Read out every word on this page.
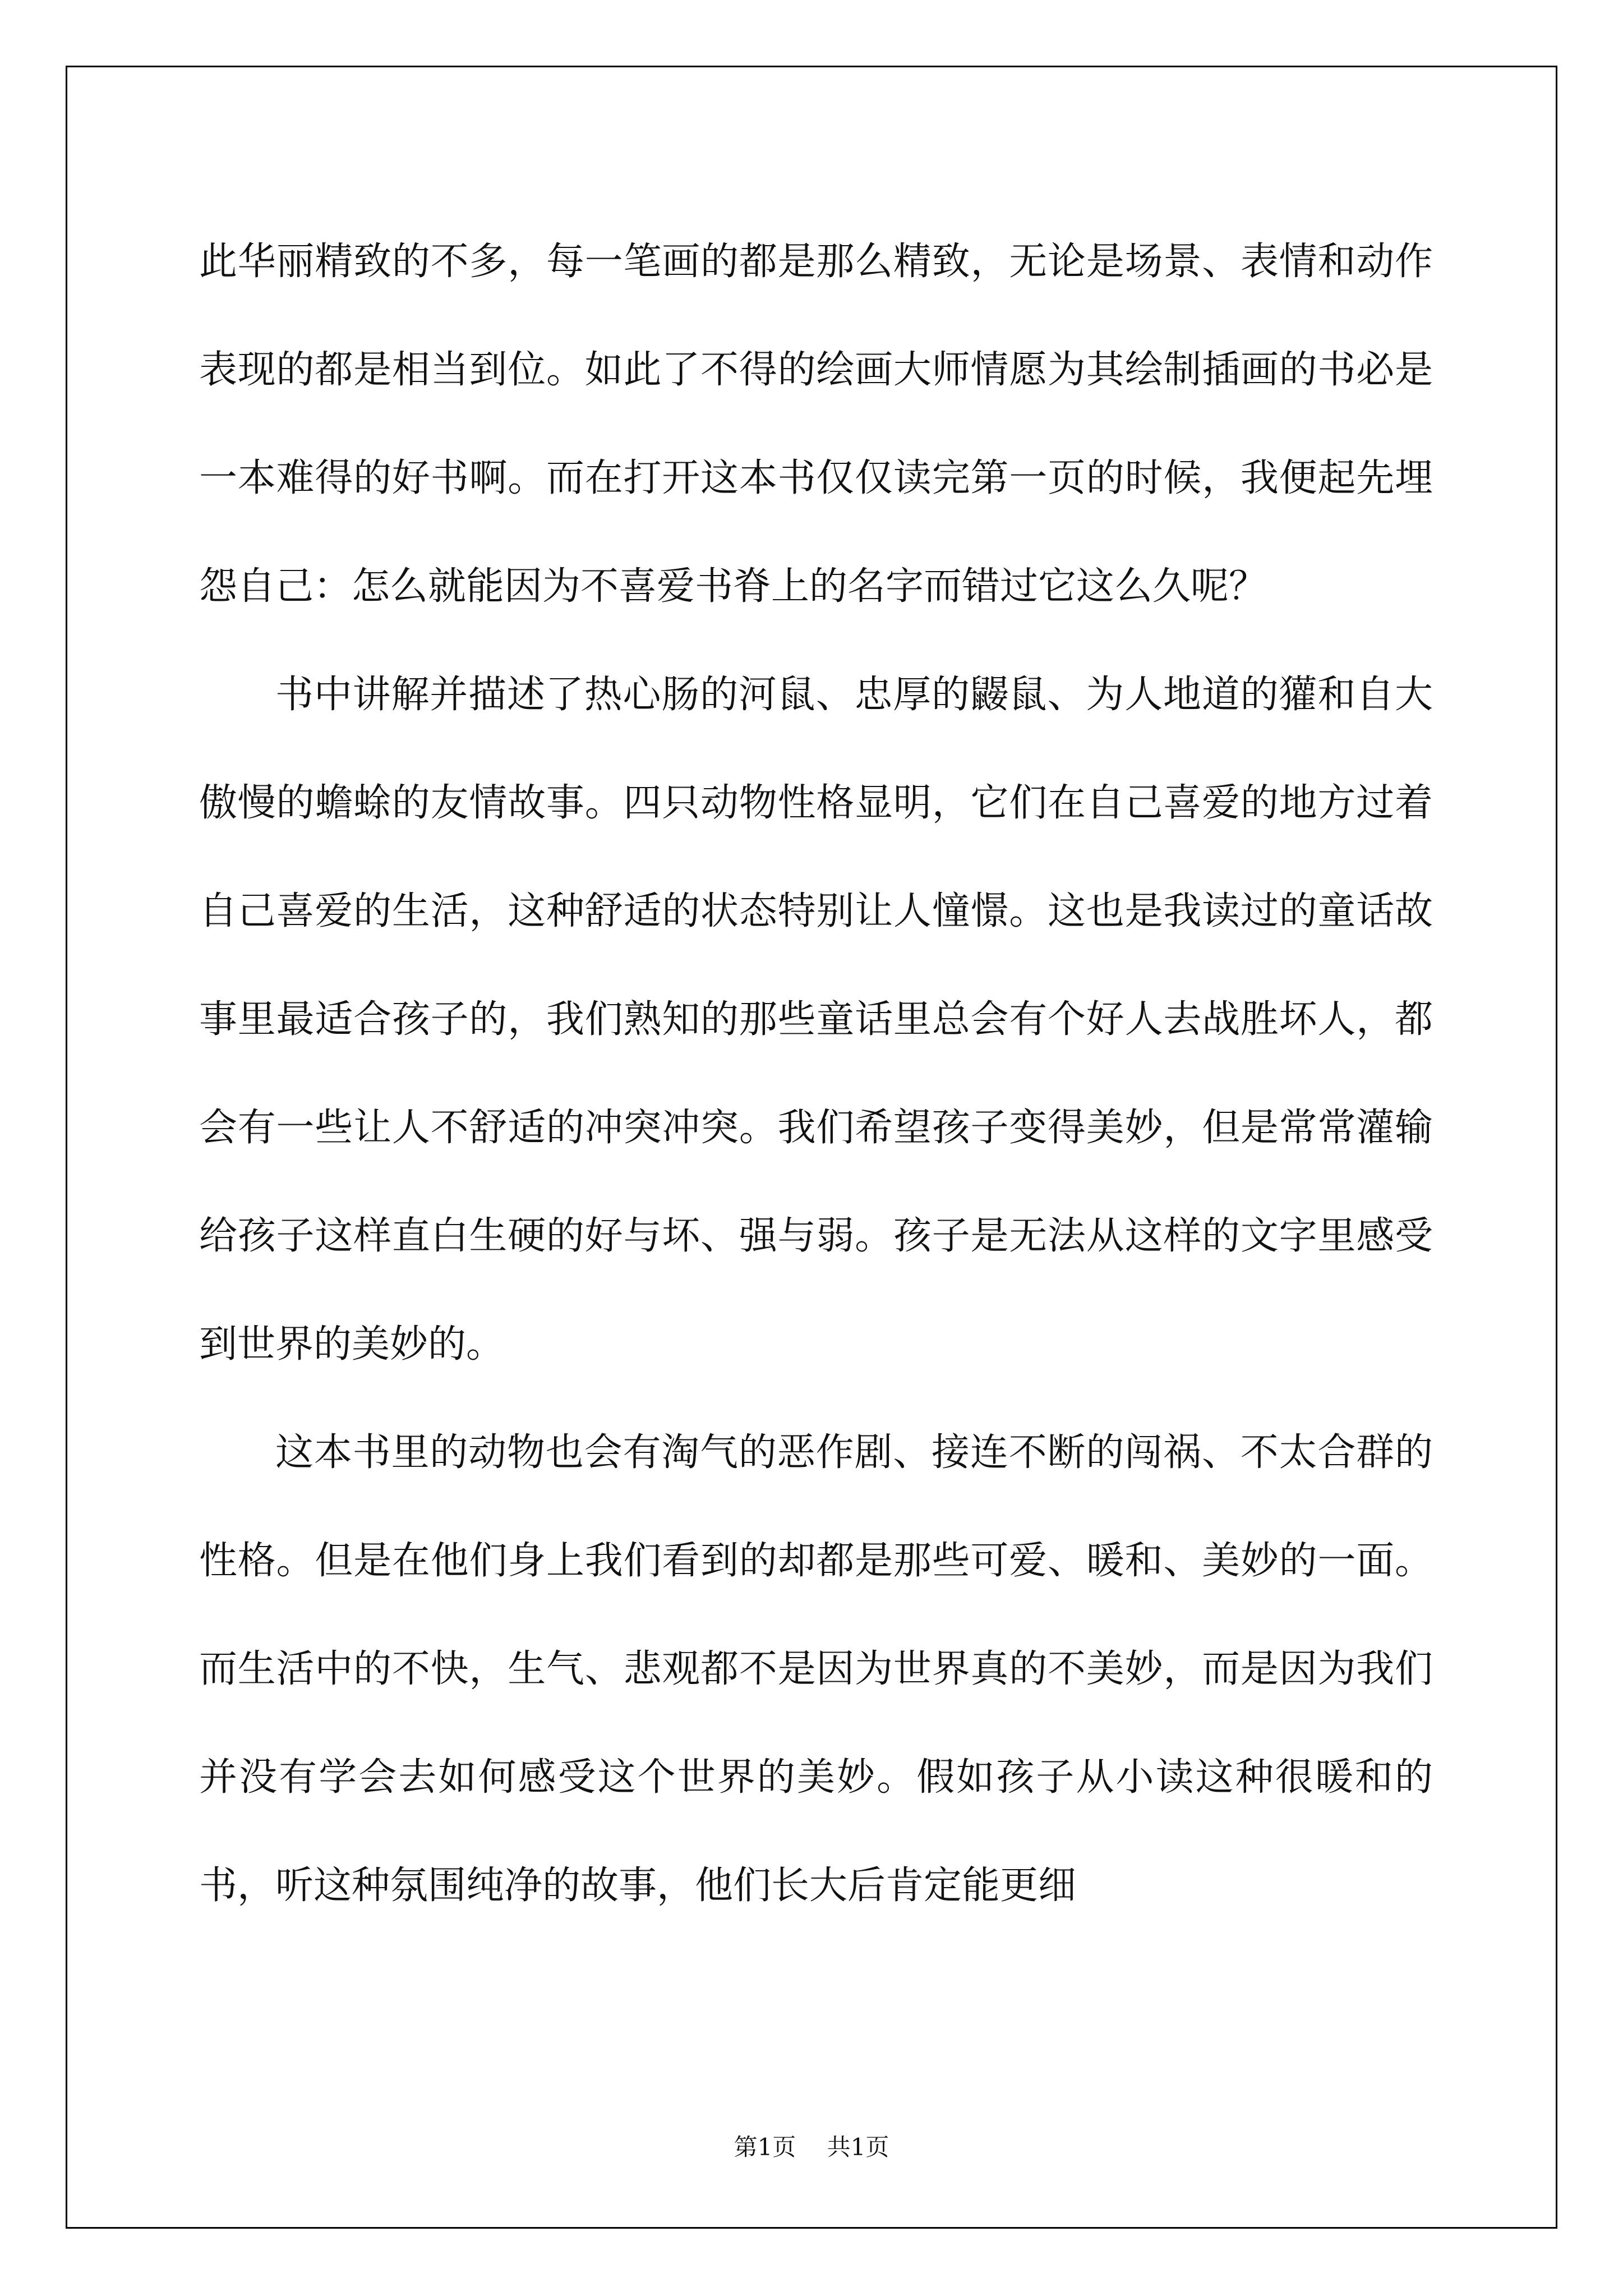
此华丽精致的不多，每一笔画的都是那么精致，无论是场景、表情和动作表现的都是相当到位。如此了不得的绘画大师情愿为其绘制插画的书必是一本难得的好书啊。而在打开这本书仅仅读完第一页的时候，我便起先埋怨自己：怎么就能因为不喜爱书脊上的名字而错过它这么久呢？

书中讲解并描述了热心肠的河鼠、忠厚的鼹鼠、为人地道的獾和自大傲慢的蟾蜍的友情故事。四只动物性格显明，它们在自己喜爱的地方过着自己喜爱的生活，这种舒适的状态特别让人憧憬。这也是我读过的童话故事里最适合孩子的，我们熟知的那些童话里总会有个好人去战胜坏人，都会有一些让人不舒适的冲突冲突。我们希望孩子变得美妙，但是常常灌输给孩子这样直白生硬的好与坏、强与弱。孩子是无法从这样的文字里感受到世界的美妙的。

这本书里的动物也会有淘气的恶作剧、接连不断的闯祸、不太合群的性格。但是在他们身上我们看到的却都是那些可爱、暖和、美妙的一面。而生活中的不快，生气、悲观都不是因为世界真的不美妙，而是因为我们并没有学会去如何感受这个世界的美妙。假如孩子从小读这种很暖和的书，听这种氛围纯净的故事，他们长大后肯定能更细

第1页 共1页
